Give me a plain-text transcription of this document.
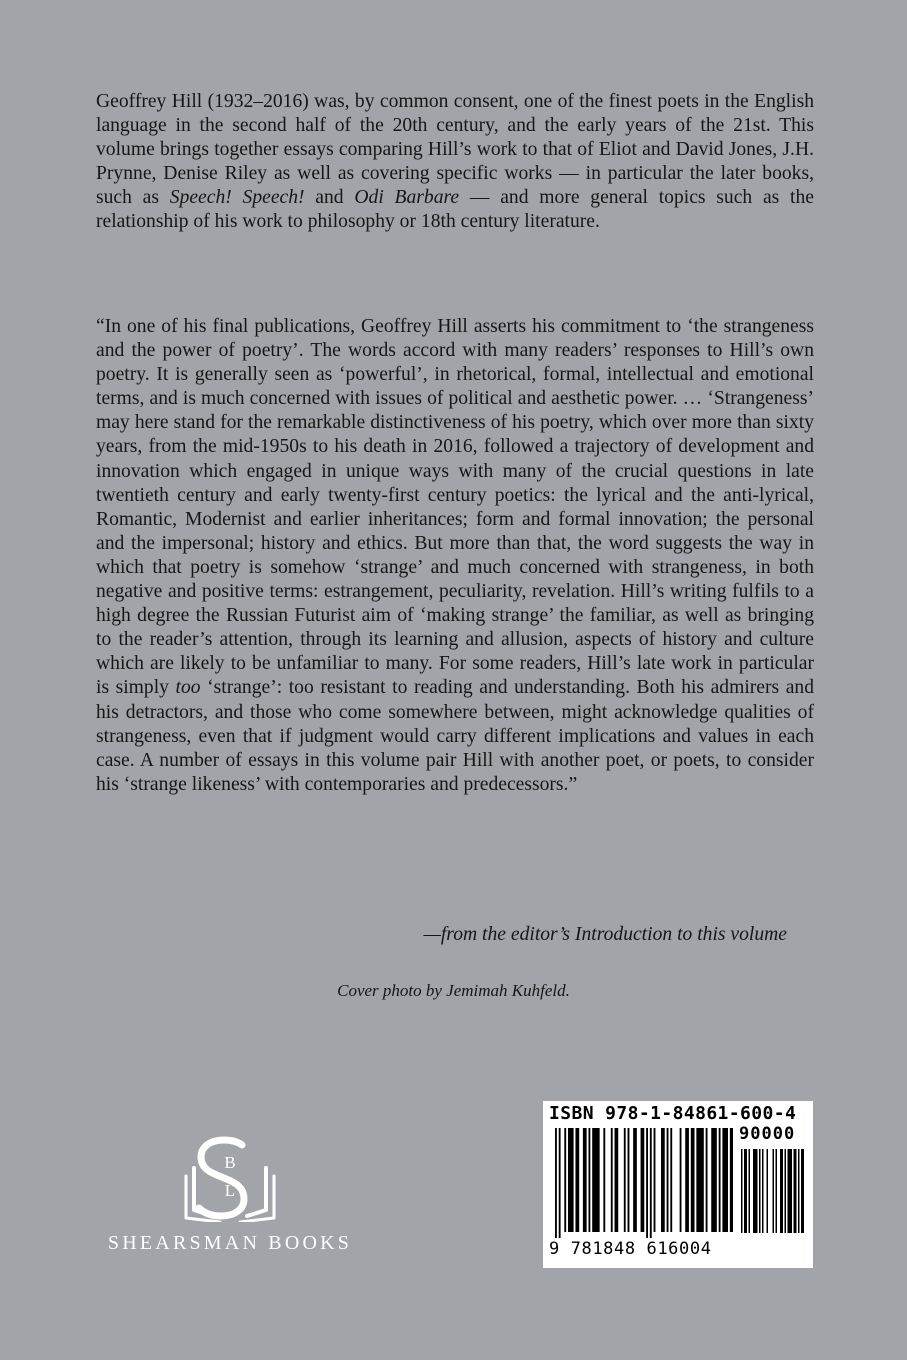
Geoffrey Hill (1932–2016) was, by common consent, one of the finest poets in the English language in the second half of the 20th century, and the early years of the 21st. This volume brings together essays comparing Hill’s work to that of Eliot and David Jones, J.H. Prynne, Denise Riley as well as covering specific works — in particular the later books, such as Speech! Speech! and Odi Barbare — and more general topics such as the relationship of his work to philosophy or 18th century literature.

“In one of his final publications, Geoffrey Hill asserts his commitment to ‘the strangeness and the power of poetry’. The words accord with many readers’ responses to Hill’s own poetry. It is generally seen as ‘powerful’, in rhetorical, formal, intellectual and emotional terms, and is much concerned with issues of political and aesthetic power. … ‘Strangeness’ may here stand for the remarkable distinctiveness of his poetry, which over more than sixty years, from the mid-1950s to his death in 2016, followed a trajectory of development and innovation which engaged in unique ways with many of the crucial questions in late twentieth century and early twenty-first century poetics: the lyrical and the anti-lyrical, Romantic, Modernist and earlier inheritances; form and formal innovation; the personal and the impersonal; history and ethics. But more than that, the word suggests the way in which that poetry is somehow ‘strange’ and much concerned with strangeness, in both negative and positive terms: estrangement, peculiarity, revelation. Hill’s writing fulfils to a high degree the Russian Futurist aim of ‘making strange’ the familiar, as well as bringing to the reader’s attention, through its learning and allusion, aspects of history and culture which are likely to be unfamiliar to many. For some readers, Hill’s late work in particular is simply too ‘strange’: too resistant to reading and understanding. Both his admirers and his detractors, and those who come somewhere between, might acknowledge qualities of strangeness, even that if judgment would carry different implications and values in each case. A number of essays in this volume pair Hill with another poet, or poets, to consider his ‘strange likeness’ with contemporaries and predecessors.”

—from the editor’s Introduction to this volume
Cover photo by Jemimah Kuhfeld.
B
L
SHEARSMAN BOOKS
ISBN 978-1-84861-600-4
90000
9 781848 616004
